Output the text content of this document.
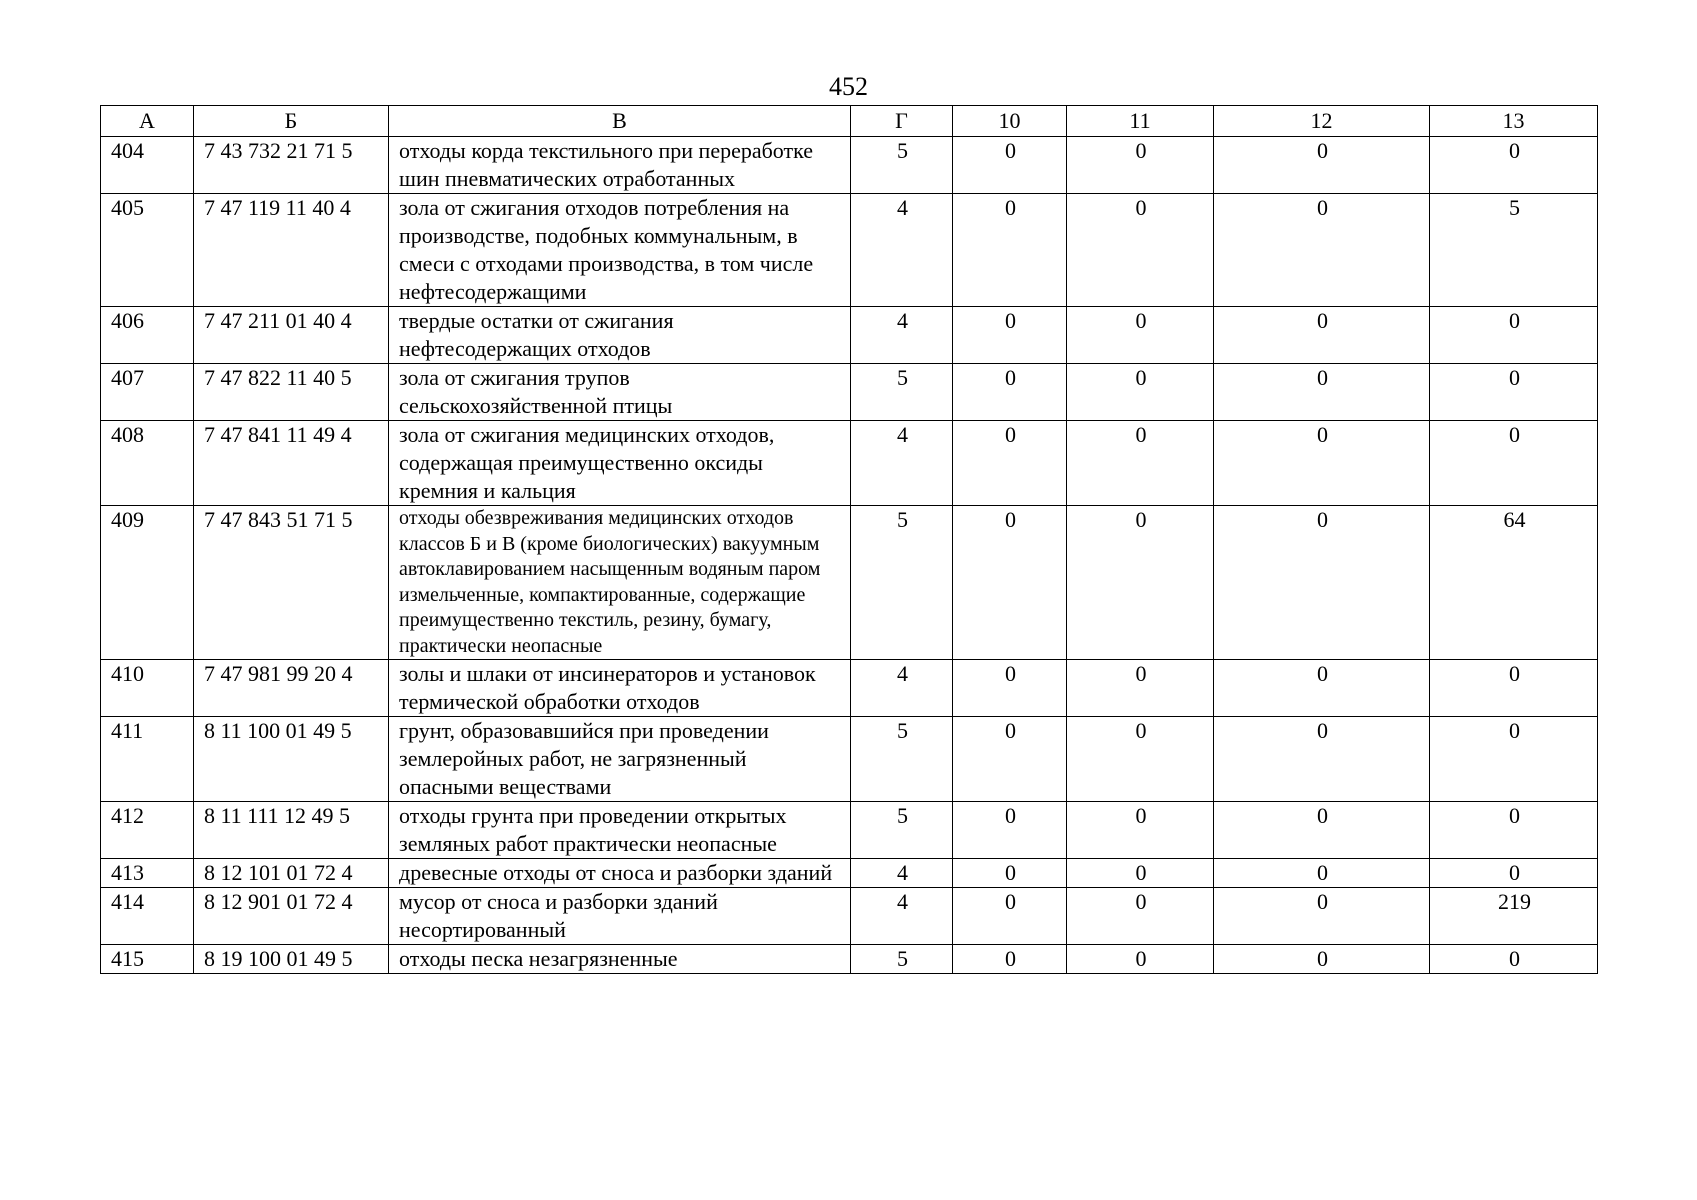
452
А	Б	В	Г	10	11	12	13
404	7 43 732 21 71 5	отходы корда текстильного при переработке шин пневматических отработанных	5	0	0	0	0
405	7 47 119 11 40 4	зола от сжигания отходов потребления на производстве, подобных коммунальным, в смеси с отходами производства, в том числе нефтесодержащими	4	0	0	0	5
406	7 47 211 01 40 4	твердые остатки от сжигания нефтесодержащих отходов	4	0	0	0	0
407	7 47 822 11 40 5	зола от сжигания трупов сельскохозяйственной птицы	5	0	0	0	0
408	7 47 841 11 49 4	зола от сжигания медицинских отходов, содержащая преимущественно оксиды кремния и кальция	4	0	0	0	0
409	7 47 843 51 71 5	отходы обезвреживания медицинских отходов классов Б и В (кроме биологических) вакуумным автоклавированием насыщенным водяным паром измельченные, компактированные, содержащие преимущественно текстиль, резину, бумагу, практически неопасные	5	0	0	0	64
410	7 47 981 99 20 4	золы и шлаки от инсинераторов и установок термической обработки отходов	4	0	0	0	0
411	8 11 100 01 49 5	грунт, образовавшийся при проведении землеройных работ, не загрязненный опасными веществами	5	0	0	0	0
412	8 11 111 12 49 5	отходы грунта при проведении открытых земляных работ практически неопасные	5	0	0	0	0
413	8 12 101 01 72 4	древесные отходы от сноса и разборки зданий	4	0	0	0	0
414	8 12 901 01 72 4	мусор от сноса и разборки зданий несортированный	4	0	0	0	219
415	8 19 100 01 49 5	отходы песка незагрязненные	5	0	0	0	0
